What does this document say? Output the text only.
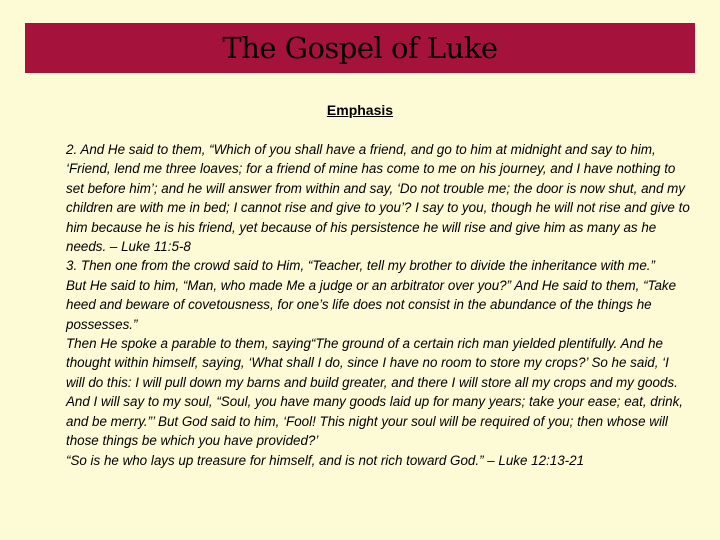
The Gospel of Luke
Emphasis

2. And He said to them, “Which of you shall have a friend, and go to him at midnight and say to him, ‘Friend, lend me three loaves; for a friend of mine has come to me on his journey, and I have nothing to set before him’; and he will answer from within and say, ‘Do not trouble me; the door is now shut, and my children are with me in bed; I cannot rise and give to you’? I say to you, though he will not rise and give to him because he is his friend, yet because of his persistence he will rise and give him as many as he needs. – Luke 11:5-8

3. Then one from the crowd said to Him, “Teacher, tell my brother to divide the inheritance with me.”

But He said to him, “Man, who made Me a judge or an arbitrator over you?” And He said to them, “Take heed and beware of covetousness, for one’s life does not consist in the abundance of the things he possesses.”

Then He spoke a parable to them, saying“The ground of a certain rich man yielded plentifully. And he thought within himself, saying, ‘What shall I do, since I have no room to store my crops?’ So he said, ‘I will do this: I will pull down my barns and build greater, and there I will store all my crops and my goods. And I will say to my soul, “Soul, you have many goods laid up for many years; take your ease; eat, drink, and be merry.”’ But God said to him, ‘Fool! This night your soul will be required of you; then whose will those things be which you have provided?’

“So is he who lays up treasure for himself, and is not rich toward God.” – Luke 12:13-21
